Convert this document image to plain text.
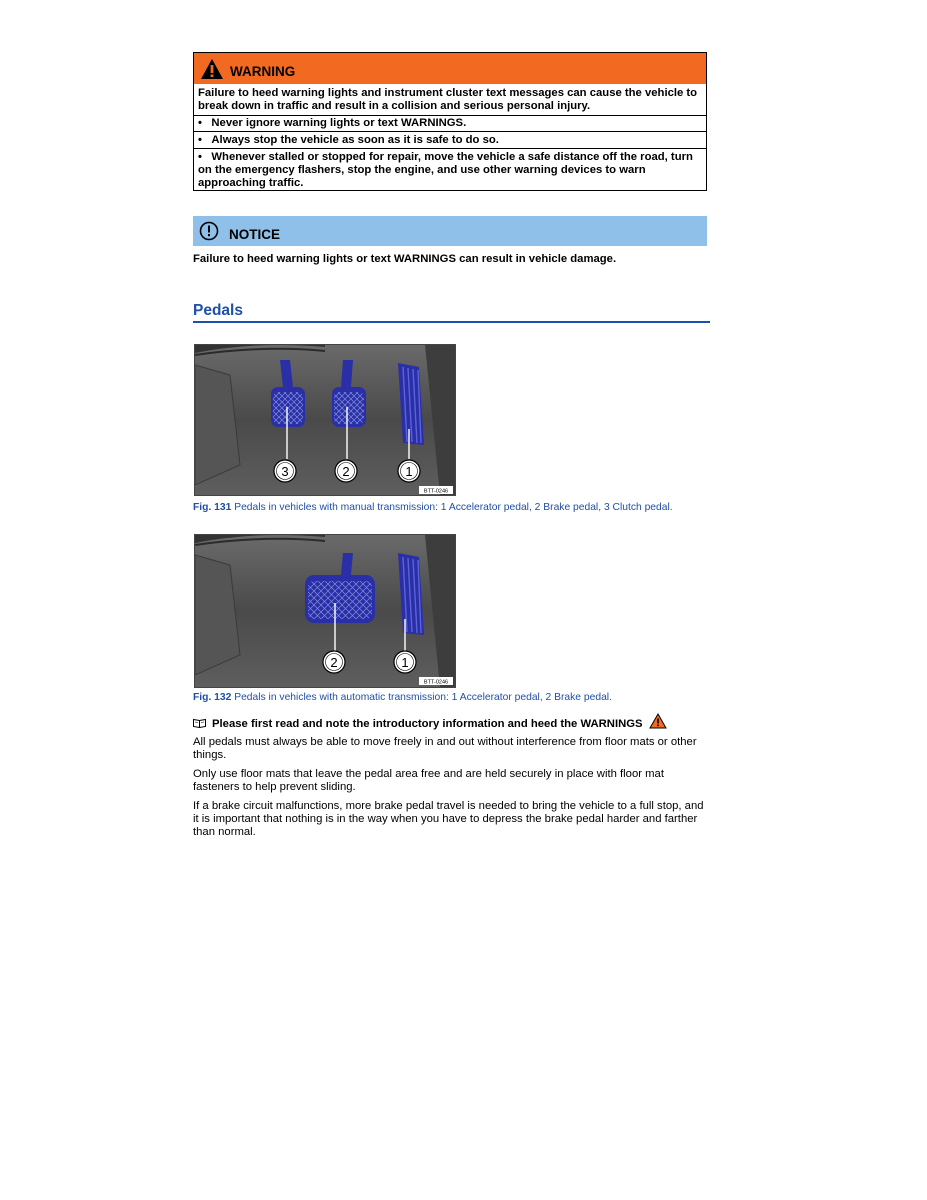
WARNING
Failure to heed warning lights and instrument cluster text messages can cause the vehicle to
break down in traffic and result in a collision and serious personal injury.
• Never ignore warning lights or text WARNINGS.
• Always stop the vehicle as soon as it is safe to do so.
• Whenever stalled or stopped for repair, move the vehicle a safe distance off the road, turn
on the emergency flashers, stop the engine, and use other warning devices to warn
approaching traffic.
NOTICE
Failure to heed warning lights or text WARNINGS can result in vehicle damage.
Pedals
3	2	1
BTT-0246
Fig. 131 Pedals in vehicles with manual transmission: 1 Accelerator pedal, 2 Brake pedal, 3 Clutch pedal.
2	1
BTT-0246
Fig. 132 Pedals in vehicles with automatic transmission: 1 Accelerator pedal, 2 Brake pedal.
Please first read and note the introductory information and heed the WARNINGS
All pedals must always be able to move freely in and out without interference from floor mats or other
things.
Only use floor mats that leave the pedal area free and are held securely in place with floor mat
fasteners to help prevent sliding.
If a brake circuit malfunctions, more brake pedal travel is needed to bring the vehicle to a full stop, and
it is important that nothing is in the way when you have to depress the brake pedal harder and farther
than normal.
